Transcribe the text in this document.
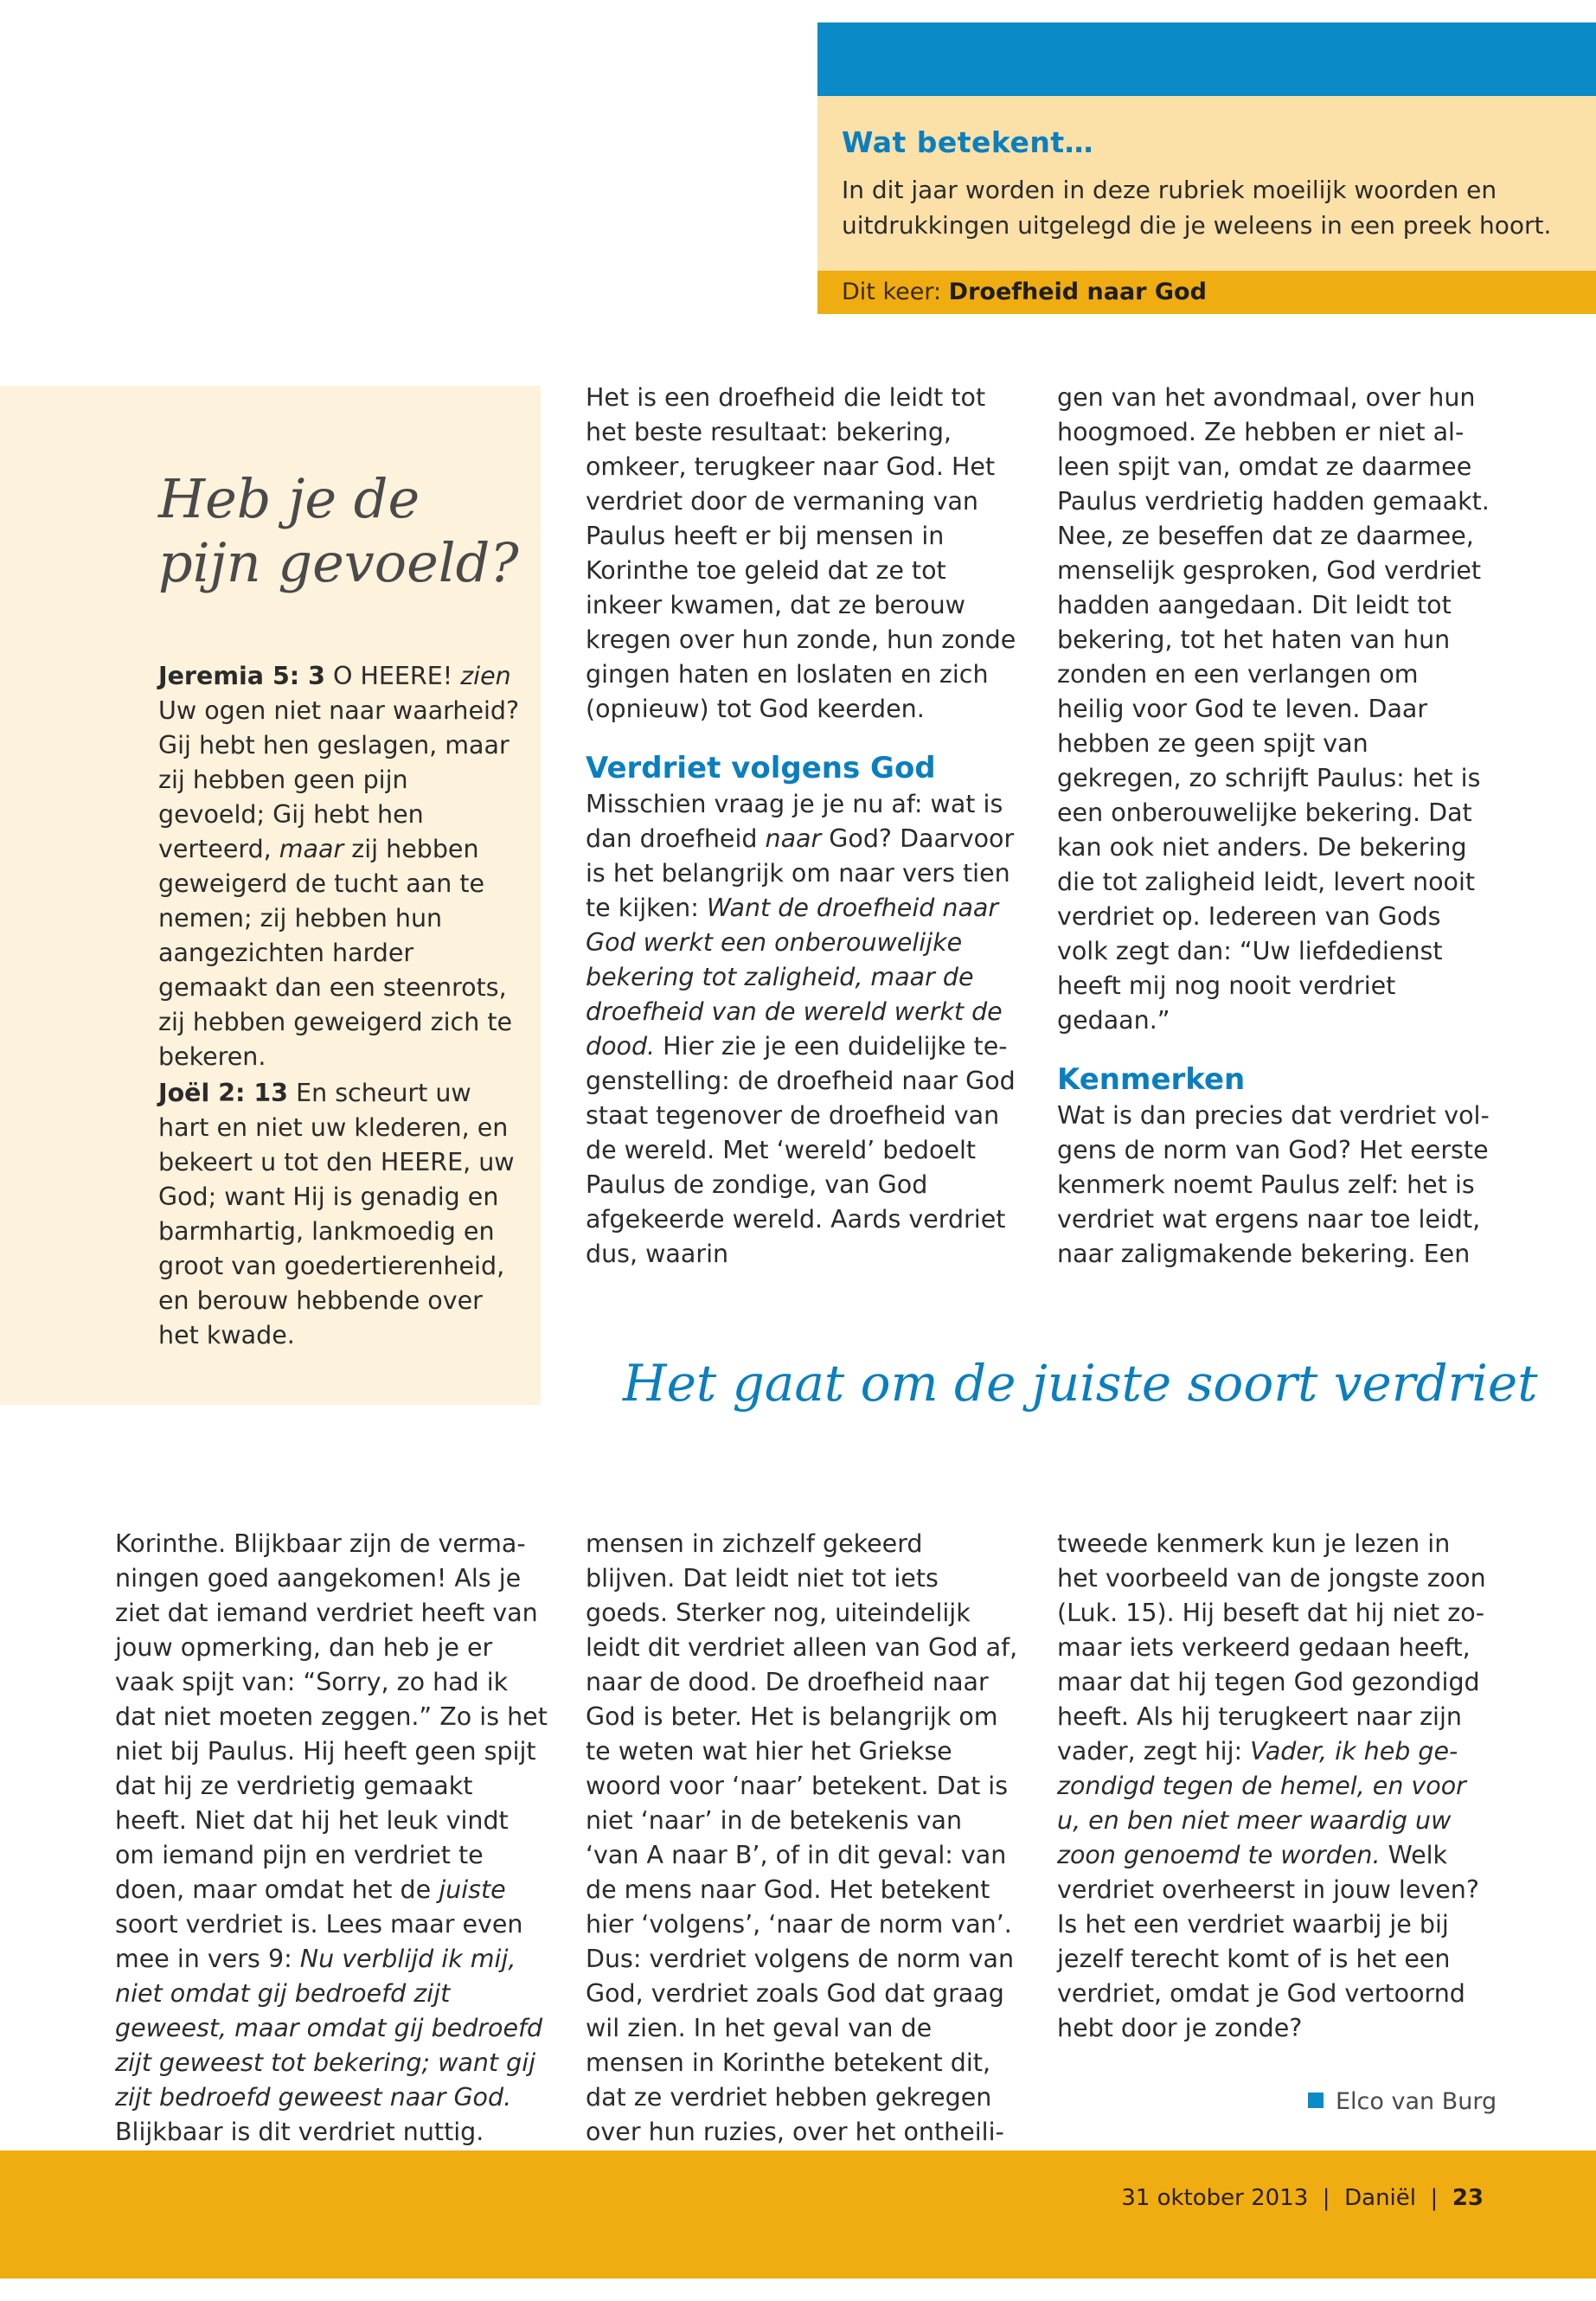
Wat betekent…
In dit jaar worden in deze rubriek moeilijk woorden en uitdrukkingen uitgelegd die je weleens in een preek hoort.
Dit keer: Droefheid naar God
Heb je de pijn gevoeld?
Jeremia 5: 3 O HEERE! zien Uw ogen niet naar waarheid? Gij hebt hen geslagen, maar zij hebben geen pijn gevoeld; Gij hebt hen verteerd, maar zij hebben geweigerd de tucht aan te nemen; zij hebben hun aangezichten harder gemaakt dan een steenrots, zij hebben geweigerd zich te bekeren.
Joël 2: 13 En scheurt uw hart en niet uw klederen, en bekeert u tot den HEERE, uw God; want Hij is genadig en barmhartig, lankmoedig en groot van goedertierenheid, en berouw hebbende over het kwade.

Het is een droefheid die leidt tot het beste resultaat: bekering, omkeer, terugkeer naar God. Het verdriet door de vermaning van Paulus heeft er bij mensen in Korinthe toe geleid dat ze tot inkeer kwamen, dat ze berouw kregen over hun zonde, hun zonde gingen haten en loslaten en zich (opnieuw) tot God keerden.

Verdriet volgens God

Misschien vraag je je nu af: wat is dan droefheid naar God? Daarvoor is het belangrijk om naar vers tien te kijken: Want de droefheid naar God werkt een onberouwelijke bekering tot zaligheid, maar de droefheid van de wereld werkt de dood. Hier zie je een duidelijke tegenstelling: de droefheid naar God staat tegenover de droefheid van de wereld. Met ‘wereld’ bedoelt Paulus de zondige, van God afgekeerde wereld. Aards verdriet dus, waarin

gen van het avondmaal, over hun hoogmoed. Ze hebben er niet alleen spijt van, omdat ze daarmee Paulus verdrietig hadden gemaakt. Nee, ze beseffen dat ze daarmee, menselijk gesproken, God verdriet hadden aangedaan. Dit leidt tot bekering, tot het haten van hun zonden en een verlangen om heilig voor God te leven. Daar hebben ze geen spijt van gekregen, zo schrijft Paulus: het is een onberouwelijke bekering. Dat kan ook niet anders. De bekering die tot zaligheid leidt, levert nooit verdriet op. Iedereen van Gods volk zegt dan: “Uw liefdedienst heeft mij nog nooit verdriet gedaan.”

Kenmerken

Wat is dan precies dat verdriet volgens de norm van God? Het eerste kenmerk noemt Paulus zelf: het is verdriet wat ergens naar toe leidt, naar zaligmakende bekering. Een

Het gaat om de juiste soort verdriet

Korinthe. Blijkbaar zijn de vermaningen goed aangekomen! Als je ziet dat iemand verdriet heeft van jouw opmerking, dan heb je er vaak spijt van: “Sorry, zo had ik dat niet moeten zeggen.” Zo is het niet bij Paulus. Hij heeft geen spijt dat hij ze verdrietig gemaakt heeft. Niet dat hij het leuk vindt om iemand pijn en verdriet te doen, maar omdat het de juiste soort verdriet is. Lees maar even mee in vers 9: Nu verblijd ik mij, niet omdat gij bedroefd zijt geweest, maar omdat gij bedroefd zijt geweest tot bekering; want gij zijt bedroefd geweest naar God. Blijkbaar is dit verdriet nuttig.

mensen in zichzelf gekeerd blijven. Dat leidt niet tot iets goeds. Sterker nog, uiteindelijk leidt dit verdriet alleen van God af, naar de dood. De droefheid naar God is beter. Het is belangrijk om te weten wat hier het Griekse woord voor ‘naar’ betekent. Dat is niet ‘naar’ in de betekenis van ‘van A naar B’, of in dit geval: van de mens naar God. Het betekent hier ‘volgens’, ‘naar de norm van’. Dus: verdriet volgens de norm van God, verdriet zoals God dat graag wil zien. In het geval van de mensen in Korinthe betekent dit, dat ze verdriet hebben gekregen over hun ruzies, over het ontheili-

tweede kenmerk kun je lezen in het voorbeeld van de jongste zoon (Luk. 15). Hij beseft dat hij niet zomaar iets verkeerd gedaan heeft, maar dat hij tegen God gezondigd heeft. Als hij terugkeert naar zijn vader, zegt hij: Vader, ik heb gezondigd tegen de hemel, en voor u, en ben niet meer waardig uw zoon genoemd te worden. Welk verdriet overheerst in jouw leven? Is het een verdriet waarbij je bij jezelf terecht komt of is het een verdriet, omdat je God vertoornd hebt door je zonde?

Elco van Burg
31 oktober 2013  |  Daniël  |  23
